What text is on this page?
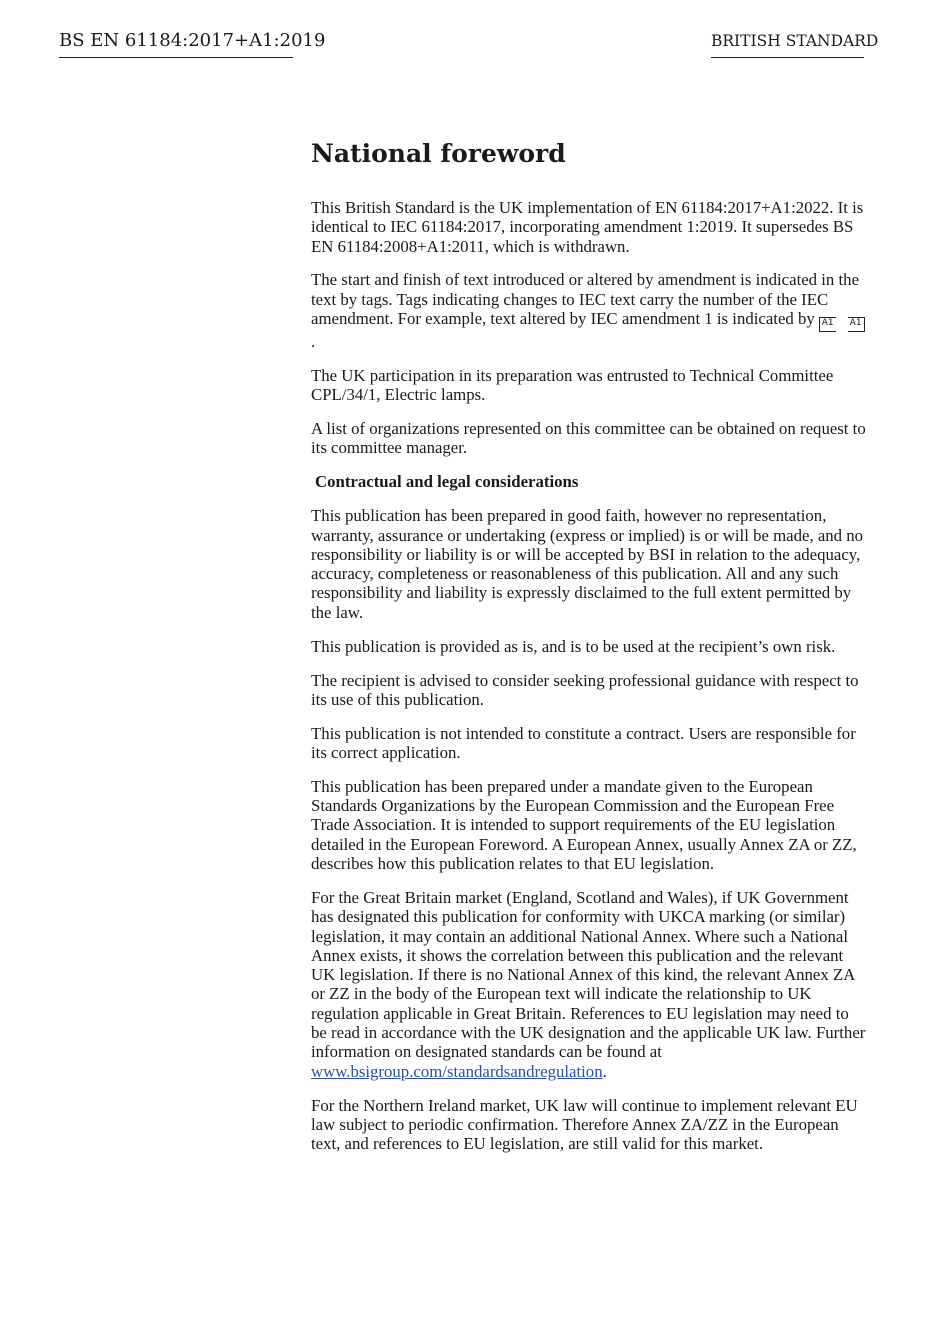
BS EN 61184:2017+A1:2019	BRITISH STANDARD
National foreword

This British Standard is the UK implementation of EN 61184:2017+A1:2022. It is identical to IEC 61184:2017, incorporating amendment 1:2019. It supersedes BS EN 61184:2008+A1:2011, which is withdrawn.

The start and finish of text introduced or altered by amendment is indicated in the text by tags. Tags indicating changes to IEC text carry the number of the IEC amendment. For example, text altered by IEC amendment 1 is indicated by A1 A1.

The UK participation in its preparation was entrusted to Technical Committee CPL/34/1, Electric lamps.

A list of organizations represented on this committee can be obtained on request to its committee manager.

Contractual and legal considerations

This publication has been prepared in good faith, however no representation, warranty, assurance or undertaking (express or implied) is or will be made, and no responsibility or liability is or will be accepted by BSI in relation to the adequacy, accuracy, completeness or reasonableness of this publication. All and any such responsibility and liability is expressly disclaimed to the full extent permitted by the law.

This publication is provided as is, and is to be used at the recipient’s own risk.

The recipient is advised to consider seeking professional guidance with respect to its use of this publication.

This publication is not intended to constitute a contract. Users are responsible for its correct application.

This publication has been prepared under a mandate given to the European Standards Organizations by the European Commission and the European Free Trade Association. It is intended to support requirements of the EU legislation detailed in the European Foreword. A European Annex, usually Annex ZA or ZZ, describes how this publication relates to that EU legislation.

For the Great Britain market (England, Scotland and Wales), if UK Government has designated this publication for conformity with UKCA marking (or similar) legislation, it may contain an additional National Annex. Where such a National Annex exists, it shows the correlation between this publication and the relevant UK legislation. If there is no National Annex of this kind, the relevant Annex ZA or ZZ in the body of the European text will indicate the relationship to UK regulation applicable in Great Britain. References to EU legislation may need to be read in accordance with the UK designation and the applicable UK law. Further information on designated standards can be found at www.bsigroup.com/standardsandregulation.

For the Northern Ireland market, UK law will continue to implement relevant EU law subject to periodic confirmation. Therefore Annex ZA/ZZ in the European text, and references to EU legislation, are still valid for this market.
